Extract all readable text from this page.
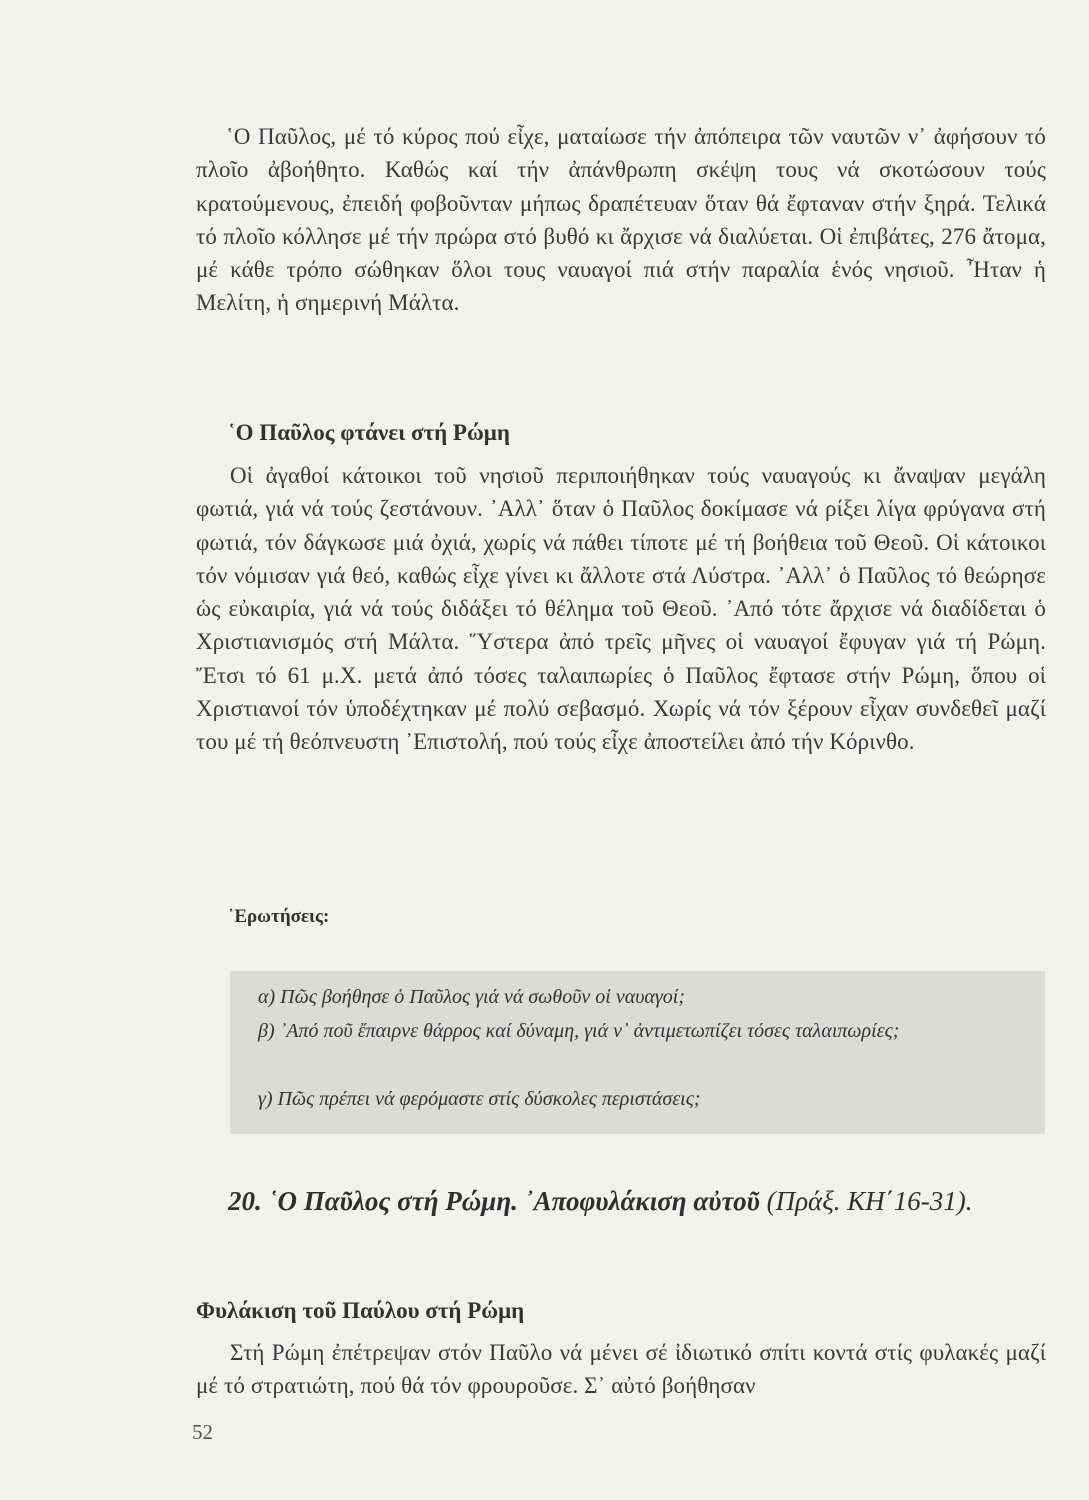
῾Ο Παῦλος, μέ τό κύρος πού εἶχε, ματαίωσε τήν ἀπόπειρα τῶν ναυτῶν ν᾽ ἀφήσουν τό πλοῖο ἀβοήθητο. Καθώς καί τήν ἀπάνθρωπη σκέψη τους νά σκοτώσουν τούς κρατούμενους, ἐπειδή φοβοῦνταν μήπως δραπέτευαν ὅταν θά ἔφταναν στήν ξηρά. Τελικά τό πλοῖο κόλλησε μέ τήν πρώρα στό βυθό κι ἄρχισε νά διαλύεται. Οἱ ἐπιβάτες, 276 ἄτομα, μέ κάθε τρόπο σώθηκαν ὅλοι τους ναυαγοί πιά στήν παραλία ἑνός νησιοῦ. Ἦταν ἡ Μελίτη, ἡ σημερινή Μάλτα.

῾Ο Παῦλος φτάνει στή Ρώμη

Οἱ ἀγαθοί κάτοικοι τοῦ νησιοῦ περιποιήθηκαν τούς ναυαγούς κι ἄναψαν μεγάλη φωτιά, γιά νά τούς ζεστάνουν. ᾽Αλλ᾽ ὅταν ὁ Παῦλος δοκίμασε νά ρίξει λίγα φρύγανα στή φωτιά, τόν δάγκωσε μιά ὀχιά, χωρίς νά πάθει τίποτε μέ τή βοήθεια τοῦ Θεοῦ. Οἱ κάτοικοι τόν νόμισαν γιά θεό, καθώς εἶχε γίνει κι ἄλλοτε στά Λύστρα. ᾽Αλλ᾽ ὁ Παῦλος τό θεώρησε ὡς εὐκαιρία, γιά νά τούς διδάξει τό θέλημα τοῦ Θεοῦ. ᾽Από τότε ἄρχισε νά διαδίδεται ὁ Χριστιανισμός στή Μάλτα. Ὕστερα ἀπό τρεῖς μῆνες οἱ ναυαγοί ἔφυγαν γιά τή Ρώμη. Ἔτσι τό 61 μ.Χ. μετά ἀπό τόσες ταλαιπωρίες ὁ Παῦλος ἔφτασε στήν Ρώμη, ὅπου οἱ Χριστιανοί τόν ὑποδέχτηκαν μέ πολύ σεβασμό. Χωρίς νά τόν ξέρουν εἶχαν συνδεθεῖ μαζί του μέ τή θεόπνευστη ᾽Επιστολή, πού τούς εἶχε ἀποστείλει ἀπό τήν Κόρινθο.

῾Ερωτήσεις:
α) Πῶς βοήθησε ὁ Παῦλος γιά νά σωθοῦν οἱ ναυαγοί;
β) ᾽Από ποῦ ἔπαιρνε θάρρος καί δύναμη, γιά ν᾽ ἀντιμετωπίζει τόσες ταλαιπωρίες;
γ) Πῶς πρέπει νά φερόμαστε στίς δύσκολες περιστάσεις;
20. ῾Ο Παῦλος στή Ρώμη. ᾽Αποφυλάκιση αὐτοῦ (Πράξ. ΚΗ΄16-31).
Φυλάκιση τοῦ Παύλου στή Ρώμη

Στή Ρώμη ἐπέτρεψαν στόν Παῦλο νά μένει σέ ἰδιωτικό σπίτι κοντά στίς φυλακές μαζί μέ τό στρατιώτη, πού θά τόν φρουροῦσε. Σ᾽ αὐτό βοήθησαν

52
